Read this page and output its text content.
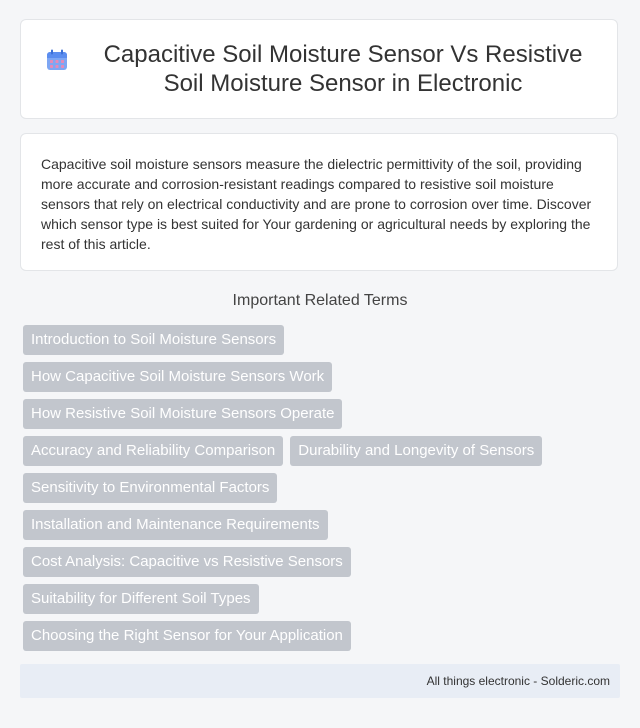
Capacitive Soil Moisture Sensor Vs Resistive Soil Moisture Sensor in Electronic

Capacitive soil moisture sensors measure the dielectric permittivity of the soil, providing more accurate and corrosion-resistant readings compared to resistive soil moisture sensors that rely on electrical conductivity and are prone to corrosion over time. Discover which sensor type is best suited for Your gardening or agricultural needs by exploring the rest of this article.

Important Related Terms
Introduction to Soil Moisture Sensors
How Capacitive Soil Moisture Sensors Work
How Resistive Soil Moisture Sensors Operate
Accuracy and Reliability Comparison	Durability and Longevity of Sensors
Sensitivity to Environmental Factors
Installation and Maintenance Requirements
Cost Analysis: Capacitive vs Resistive Sensors
Suitability for Different Soil Types
Choosing the Right Sensor for Your Application
All things electronic - Solderic.com
